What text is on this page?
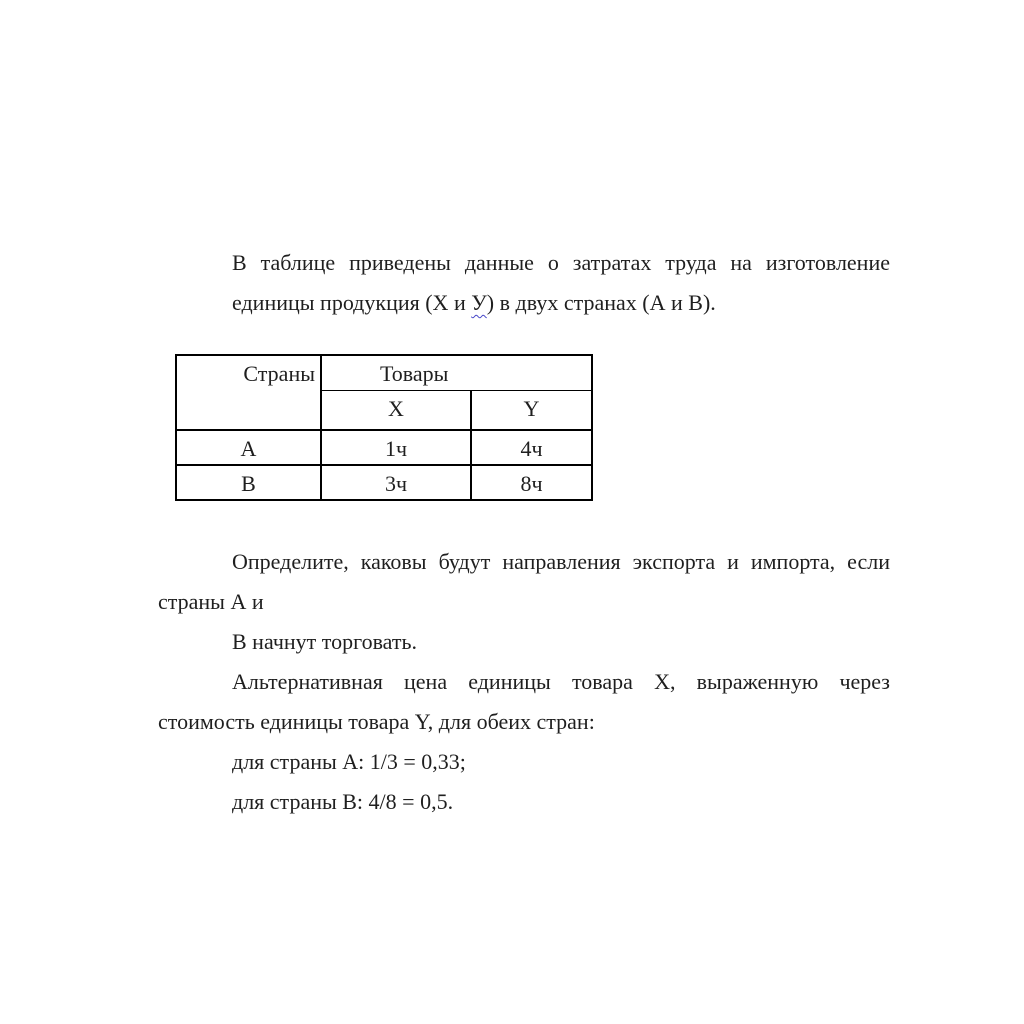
В таблице приведены данные о затратах труда на изготовление единицы продукция (X и У) в двух странах (А и В).

Страны	Товары	
	X	Y
А	1ч	4ч
В	3ч	8ч

Определите, каковы будут направления экспорта и импорта, если страны А и

В начнут торговать.

Альтернативная цена единицы товара X, выраженную через стоимость единицы товара Y, для обеих стран:

для страны А: 1/3 = 0,33;

для страны В: 4/8 = 0,5.
